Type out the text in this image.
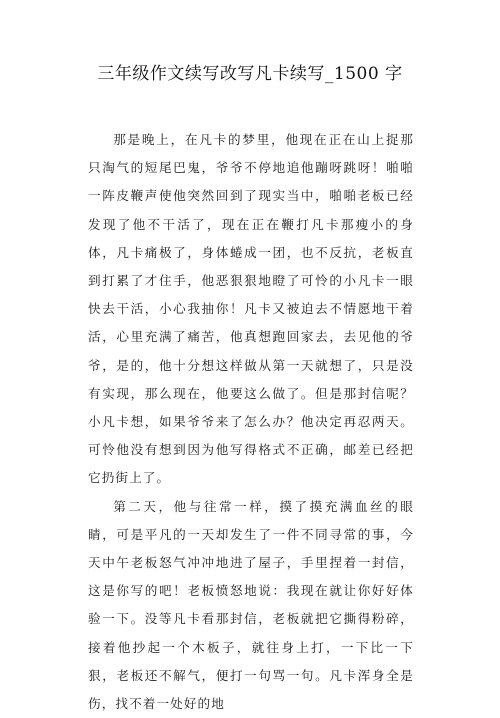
三年级作文续写改写凡卡续写_1500 字

那是晚上，在凡卡的梦里，他现在正在山上捉那只淘气的短尾巴鬼，爷爷不停地追他蹦呀跳呀！啪啪一阵皮鞭声使他突然回到了现实当中，啪啪老板已经发现了他不干活了，现在正在鞭打凡卡那瘦小的身体，凡卡痛极了，身体蜷成一团，也不反抗，老板直到打累了才住手，他恶狠狠地瞪了可怜的小凡卡一眼快去干活，小心我抽你！凡卡又被迫去不情愿地干着活，心里充满了痛苦，他真想跑回家去，去见他的爷爷，是的，他十分想这样做从第一天就想了，只是没有实现，那么现在，他要这么做了。但是那封信呢？小凡卡想，如果爷爷来了怎么办？他决定再忍两天。可怜他没有想到因为他写得格式不正确，邮差已经把它扔街上了。

第二天，他与往常一样，摸了摸充满血丝的眼睛，可是平凡的一天却发生了一件不同寻常的事，今天中午老板怒气冲冲地进了屋子，手里捏着一封信，这是你写的吧！老板愤怒地说：我现在就让你好好体验一下。没等凡卡看那封信，老板就把它撕得粉碎，接着他抄起一个木板子，就往身上打，一下比一下狠，老板还不解气，便打一句骂一句。凡卡浑身全是伤，找不着一处好的地
